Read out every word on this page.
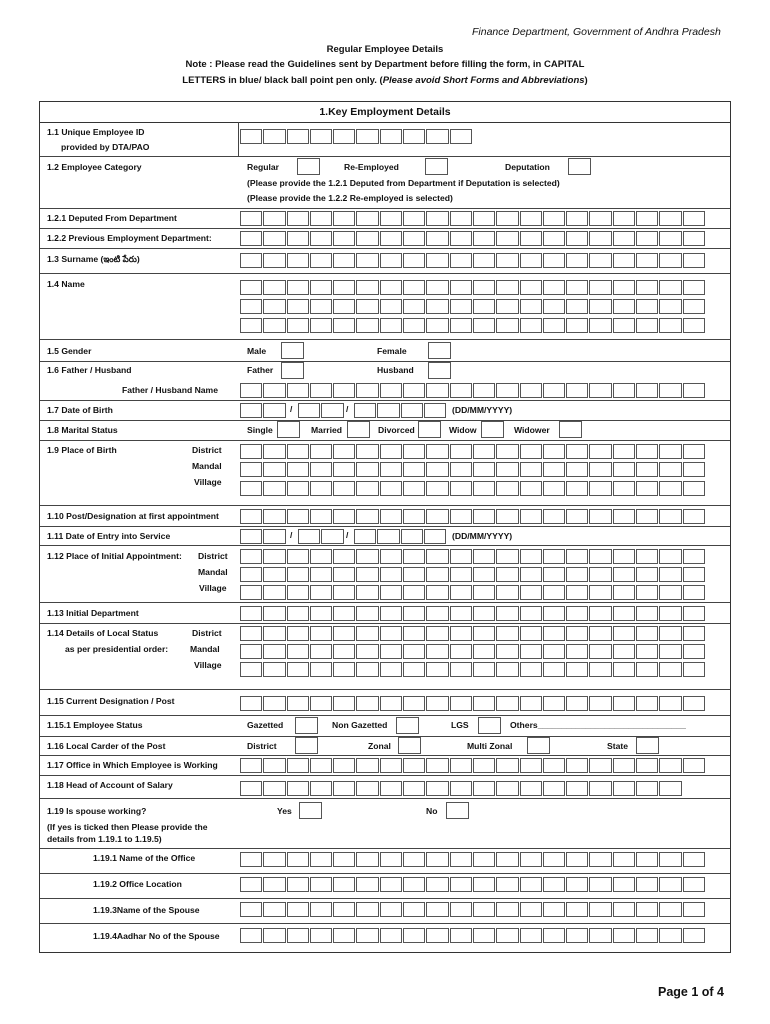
Finance Department, Government of Andhra Pradesh
Regular Employee Details
Note : Please read the Guidelines sent by Department before filling the form, in CAPITAL
LETTERS in blue/ black ball point pen only. (Please avoid Short Forms and Abbreviations)
1.Key Employment Details
1.1 Unique Employee ID
provided by DTA/PAO
1.2 Employee Category	Regular	Re-Employed	Deputation
(Please provide the 1.2.1 Deputed from Department if Deputation is selected)
(Please provide the 1.2.2 Re-employed is selected)
1.2.1 Deputed From Department
1.2.2 Previous Employment Department:
1.3 Surname (ఇంటి పేరు)
1.4 Name
1.5 Gender	Male	Female
1.6 Father / Husband	Father	Husband
Father / Husband Name
1.7 Date of Birth	/	/	(DD/MM/YYYY)
1.8 Marital Status	Single	Married	Divorced	Widow	Widower
1.9 Place of Birth	District
Mandal
Village
1.10 Post/Designation at first appointment
1.11 Date of Entry into Service	/	/	(DD/MM/YYYY)
1.12 Place of Initial Appointment: District
Mandal
Village
1.13 Initial Department
1.14 Details of Local Status
as per presidential order:
District
Mandal
Village
1.15 Current Designation / Post
1.15.1 Employee Status	Gazetted	Non Gazetted	LGS	Others_______________________________
1.16 Local Carder of the Post	District	Zonal	Multi Zonal	State
1.17 Office in Which Employee is Working
1.18 Head of Account of Salary
1.19 Is spouse working?	Yes	No
(If yes is ticked then Please provide the
details from 1.19.1 to 1.19.5)
1.19.1 Name of the Office
1.19.2 Office Location
1.19.3Name of the Spouse
1.19.4Aadhar No of the Spouse
Page 1 of 4
